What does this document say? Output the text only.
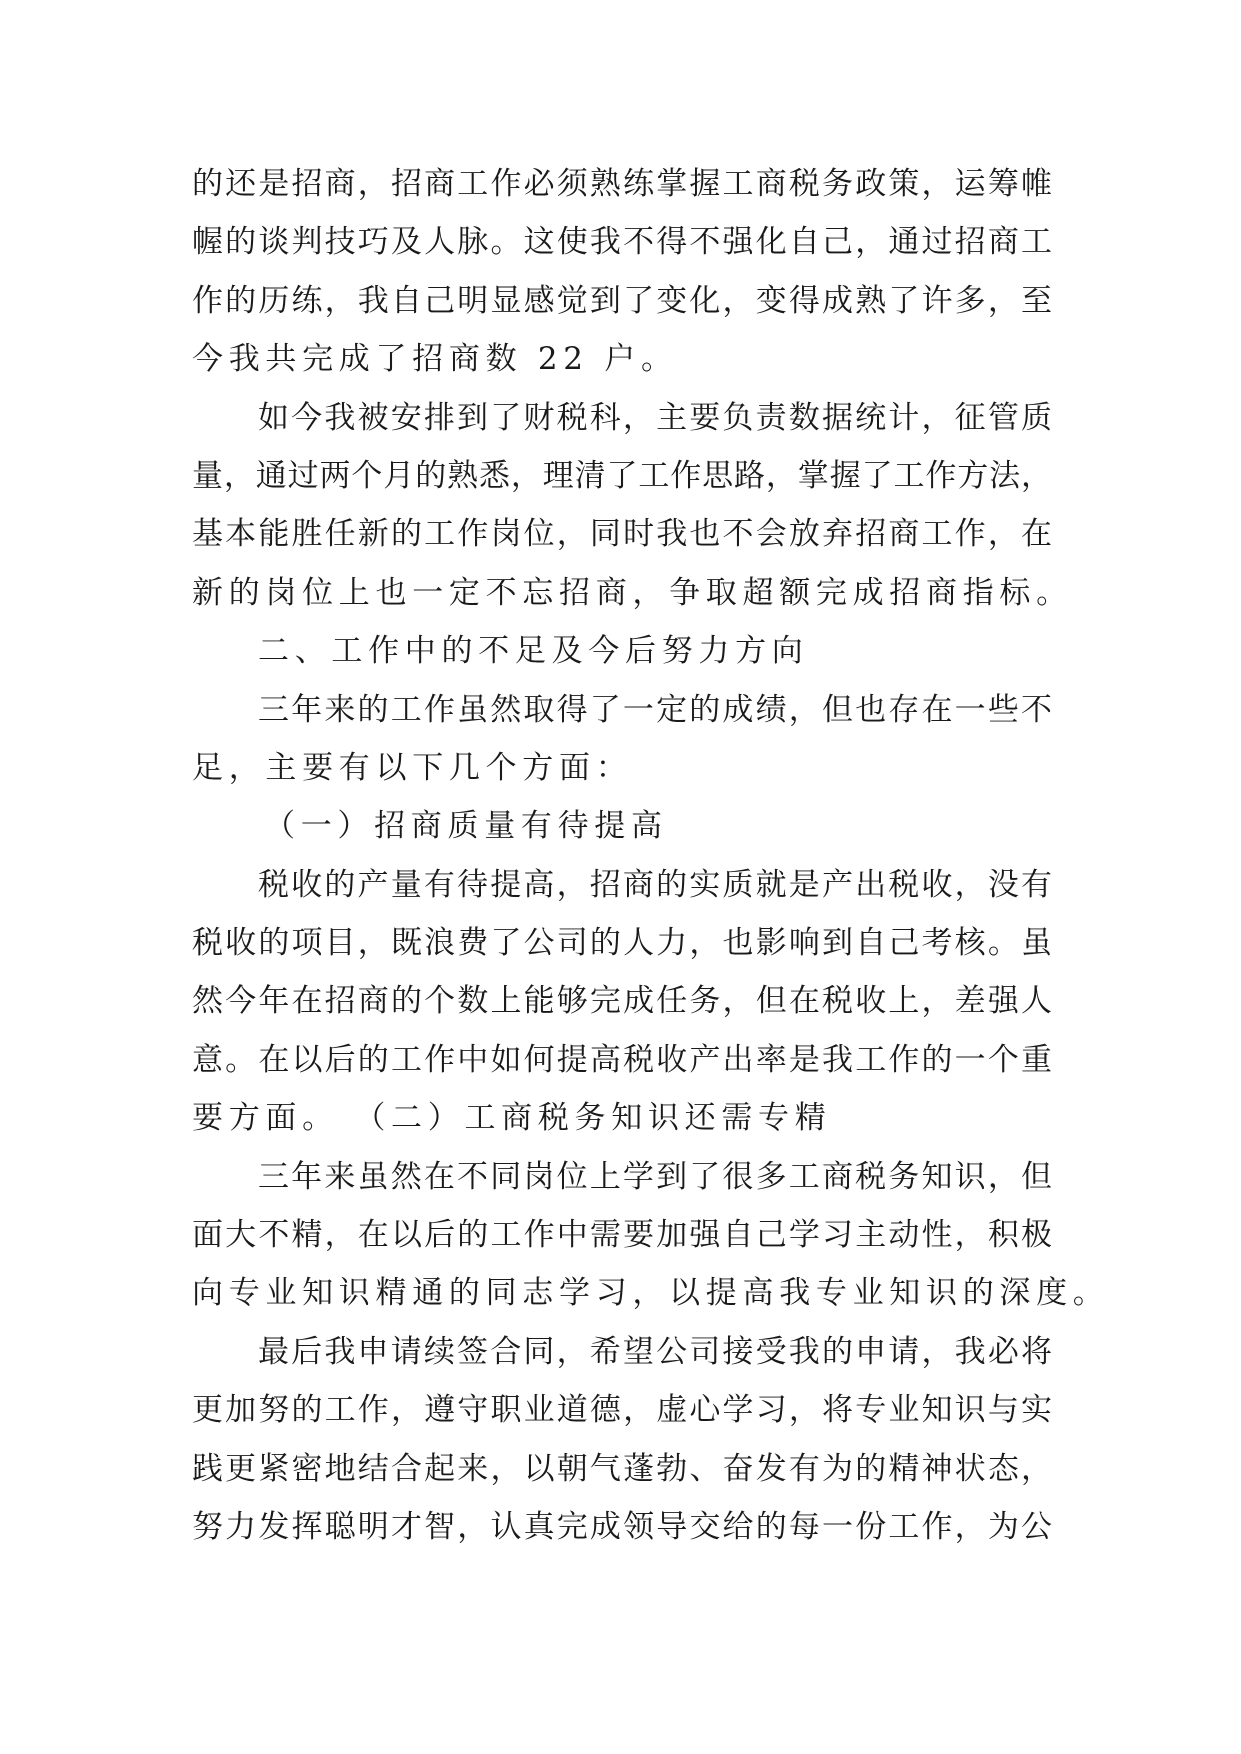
的还是招商，招商工作必须熟练掌握工商税务政策，运筹帷
幄的谈判技巧及人脉。这使我不得不强化自己，通过招商工
作的历练，我自己明显感觉到了变化，变得成熟了许多，至
今我共完成了招商数 22 户。
如今我被安排到了财税科，主要负责数据统计，征管质
量，通过两个月的熟悉，理清了工作思路，掌握了工作方法，
基本能胜任新的工作岗位，同时我也不会放弃招商工作，在
新的岗位上也一定不忘招商，争取超额完成招商指标。
二、工作中的不足及今后努力方向
三年来的工作虽然取得了一定的成绩，但也存在一些不
足，主要有以下几个方面：
（一）招商质量有待提高
税收的产量有待提高，招商的实质就是产出税收，没有
税收的项目，既浪费了公司的人力，也影响到自己考核。虽
然今年在招商的个数上能够完成任务，但在税收上，差强人
意。在以后的工作中如何提高税收产出率是我工作的一个重
要方面。 （二）工商税务知识还需专精
三年来虽然在不同岗位上学到了很多工商税务知识，但
面大不精，在以后的工作中需要加强自己学习主动性，积极
向专业知识精通的同志学习，以提高我专业知识的深度。
最后我申请续签合同，希望公司接受我的申请，我必将
更加努的工作，遵守职业道德，虚心学习，将专业知识与实
践更紧密地结合起来，以朝气蓬勃、奋发有为的精神状态，
努力发挥聪明才智，认真完成领导交给的每一份工作，为公
